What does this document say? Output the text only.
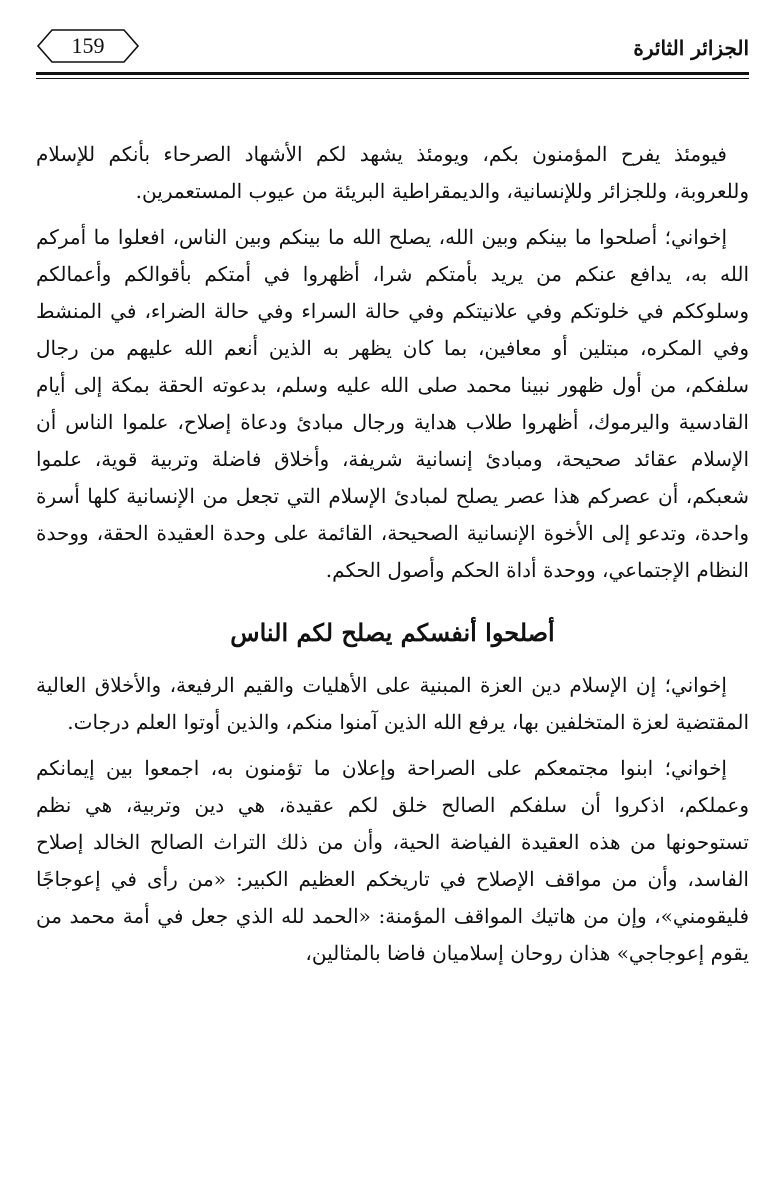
159	الجزائر الثائرة

فيومئذ يفرح المؤمنون بكم، ويومئذ يشهد لكم الأشهاد الصرحاء بأنكم للإسلام وللعروبة، وللجزائر وللإنسانية، والديمقراطية البريئة من عيوب المستعمرين.

إخواني؛ أصلحوا ما بينكم وبين الله، يصلح الله ما بينكم وبين الناس، افعلوا ما أمركم الله به، يدافع عنكم من يريد بأمتكم شرا، أظهروا في أمتكم بأقوالكم وأعمالكم وسلوككم في خلوتكم وفي علانيتكم وفي حالة السراء وفي حالة الضراء، في المنشط وفي المكره، مبتلين أو معافين، بما كان يظهر به الذين أنعم الله عليهم من رجال سلفكم، من أول ظهور نبينا محمد صلى الله عليه وسلم، بدعوته الحقة بمكة إلى أيام القادسية واليرموك، أظهروا طلاب هداية ورجال مبادئ ودعاة إصلاح، علموا الناس أن الإسلام عقائد صحيحة، ومبادئ إنسانية شريفة، وأخلاق فاضلة وتربية قوية، علموا شعبكم، أن عصركم هذا عصر يصلح لمبادئ الإسلام التي تجعل من الإنسانية كلها أسرة واحدة، وتدعو إلى الأخوة الإنسانية الصحيحة، القائمة على وحدة العقيدة الحقة، ووحدة النظام الإجتماعي، ووحدة أداة الحكم وأصول الحكم.

أصلحوا أنفسكم يصلح لكم الناس

إخواني؛ إن الإسلام دين العزة المبنية على الأهليات والقيم الرفيعة، والأخلاق العالية المقتضية لعزة المتخلفين بها، يرفع الله الذين آمنوا منكم، والذين أوتوا العلم درجات.

إخواني؛ ابنوا مجتمعكم على الصراحة وإعلان ما تؤمنون به، اجمعوا بين إيمانكم وعملكم، اذكروا أن سلفكم الصالح خلق لكم عقيدة، هي دين وتربية، هي نظم تستوحونها من هذه العقيدة الفياضة الحية، وأن من ذلك التراث الصالح الخالد إصلاح الفاسد، وأن من مواقف الإصلاح في تاريخكم العظيم الكبير: «من رأى في إعوجاجًا فليقومني»، وإن من هاتيك المواقف المؤمنة: «الحمد لله الذي جعل في أمة محمد من يقوم إعوجاجي» هذان روحان إسلاميان فاضا بالمثالين،
